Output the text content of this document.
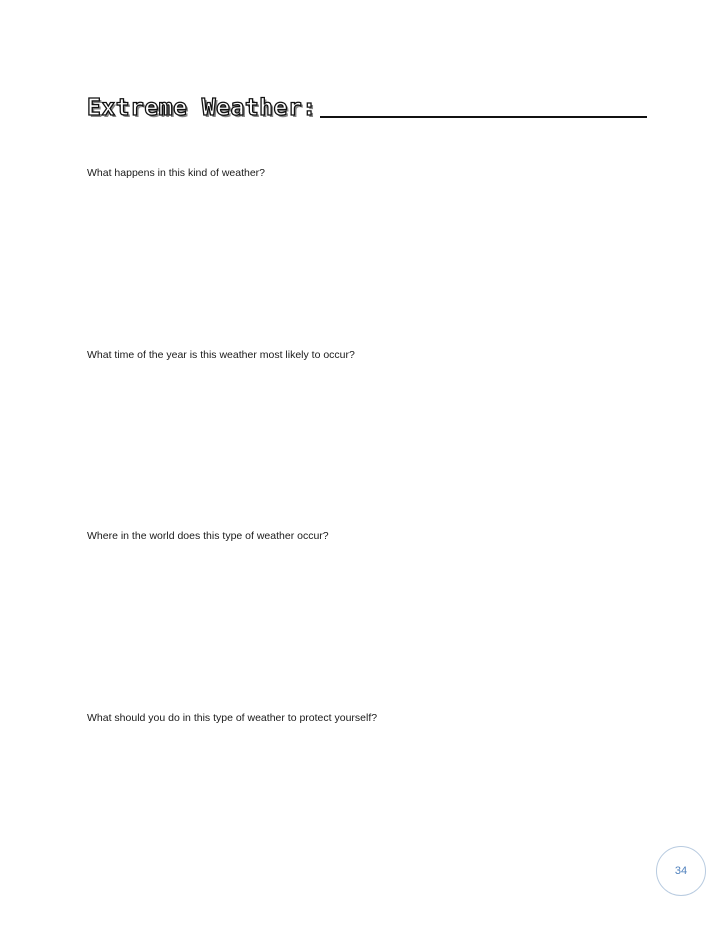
Extreme Weather:
What happens in this kind of weather?
What time of the year is this weather most likely to occur?
Where in the world does this type of weather occur?
What should you do in this type of weather to protect yourself?
34
